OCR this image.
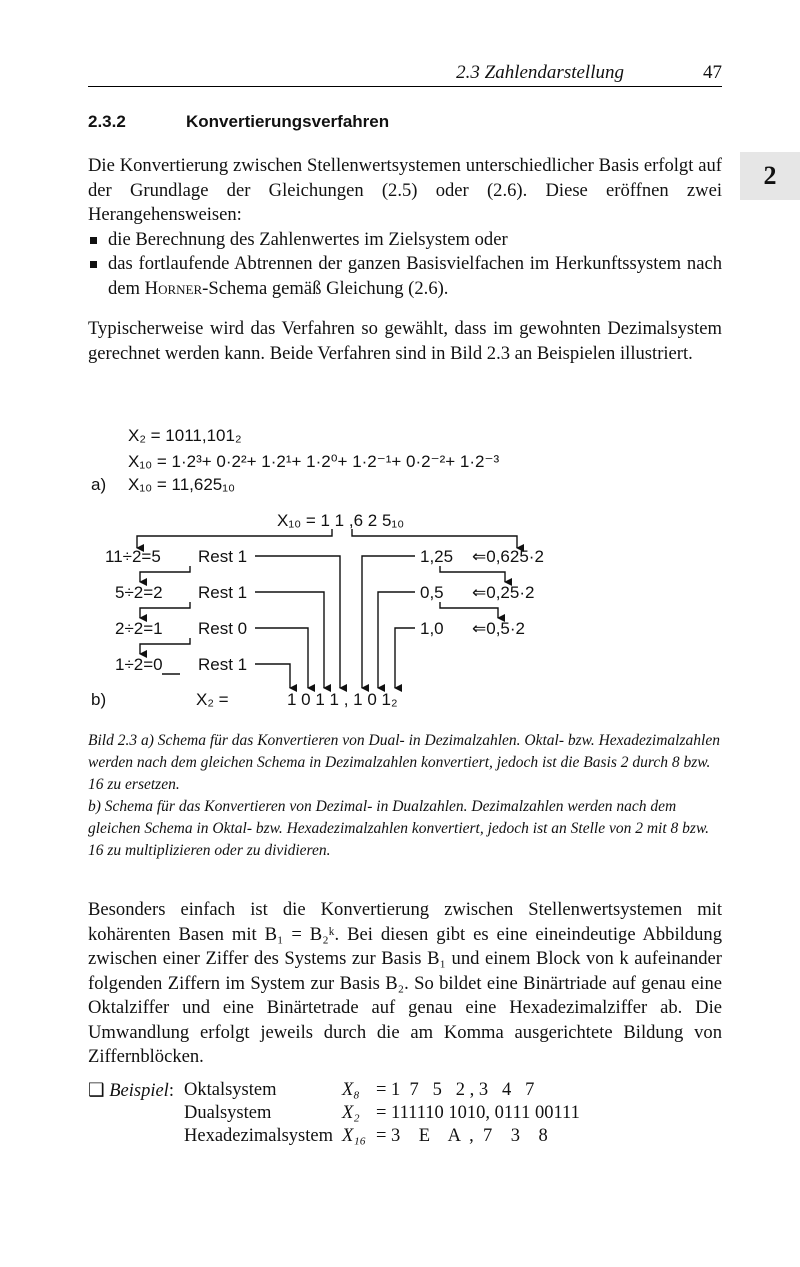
2.3 Zahlendarstellung	47
2
2.3.2	Konvertierungsverfahren

Die Konvertierung zwischen Stellenwertsystemen unterschiedlicher Basis erfolgt auf der Grundlage der Gleichungen (2.5) oder (2.6). Diese eröffnen zwei Herangehensweisen:

die Berechnung des Zahlenwertes im Zielsystem oder
das fortlaufende Abtrennen der ganzen Basisvielfachen im Herkunftssystem nach dem Horner-Schema gemäß Gleichung (2.6).
Typischerweise wird das Verfahren so gewählt, dass im gewohnten Dezimalsystem gerechnet werden kann. Beide Verfahren sind in Bild 2.3 an Beispielen illustriert.
X₂ = 1011,101₂
X₁₀ = 1·2³+ 0·2²+ 1·2¹+ 1·2⁰+ 1·2⁻¹+ 0·2⁻²+ 1·2⁻³
a) X₁₀ = 11,625₁₀
X₁₀ = 1 1 ,6 2 5₁₀
11÷2=5 Rest 1
5÷2=2 Rest 1
2÷2=1 Rest 0
1÷2=0 Rest 1
1,25 ⇐0,625·2
0,5 ⇐0,25·2
1,0 ⇐0,5·2
b)	X₂ =	1 0 1 1 , 1 0 1₂
Bild 2.3 a) Schema für das Konvertieren von Dual- in Dezimalzahlen. Oktal- bzw. Hexadezimalzahlen werden nach dem gleichen Schema in Dezimalzahlen konvertiert, jedoch ist die Basis 2 durch 8 bzw. 16 zu ersetzen.
b) Schema für das Konvertieren von Dezimal- in Dualzahlen. Dezimalzahlen werden nach dem gleichen Schema in Oktal- bzw. Hexadezimalzahlen konvertiert, jedoch ist an Stelle von 2 mit 8 bzw. 16 zu multiplizieren oder zu dividieren.
Besonders einfach ist die Konvertierung zwischen Stellenwertsystemen mit kohärenten Basen mit B₁ = B₂ᵏ. Bei diesen gibt es eine eineindeutige Abbildung zwischen einer Ziffer des Systems zur Basis B₁ und einem Block von k aufeinander folgenden Ziffern im System zur Basis B₂. So bildet eine Binärtriade auf genau eine Oktalziffer und eine Binärtetrade auf genau eine Hexadezimalziffer ab. Die Umwandlung erfolgt jeweils durch die am Komma ausgerichtete Bildung von Ziffernblöcken.
❑ Beispiel:	Oktalsystem	X₈	= 1  7   5   2 , 3   4   7
	Dualsystem	X₂	= 111110 1010, 0111 00111
	Hexadezimalsystem	X₁₆	= 3    E    A  ,  7    3    8
